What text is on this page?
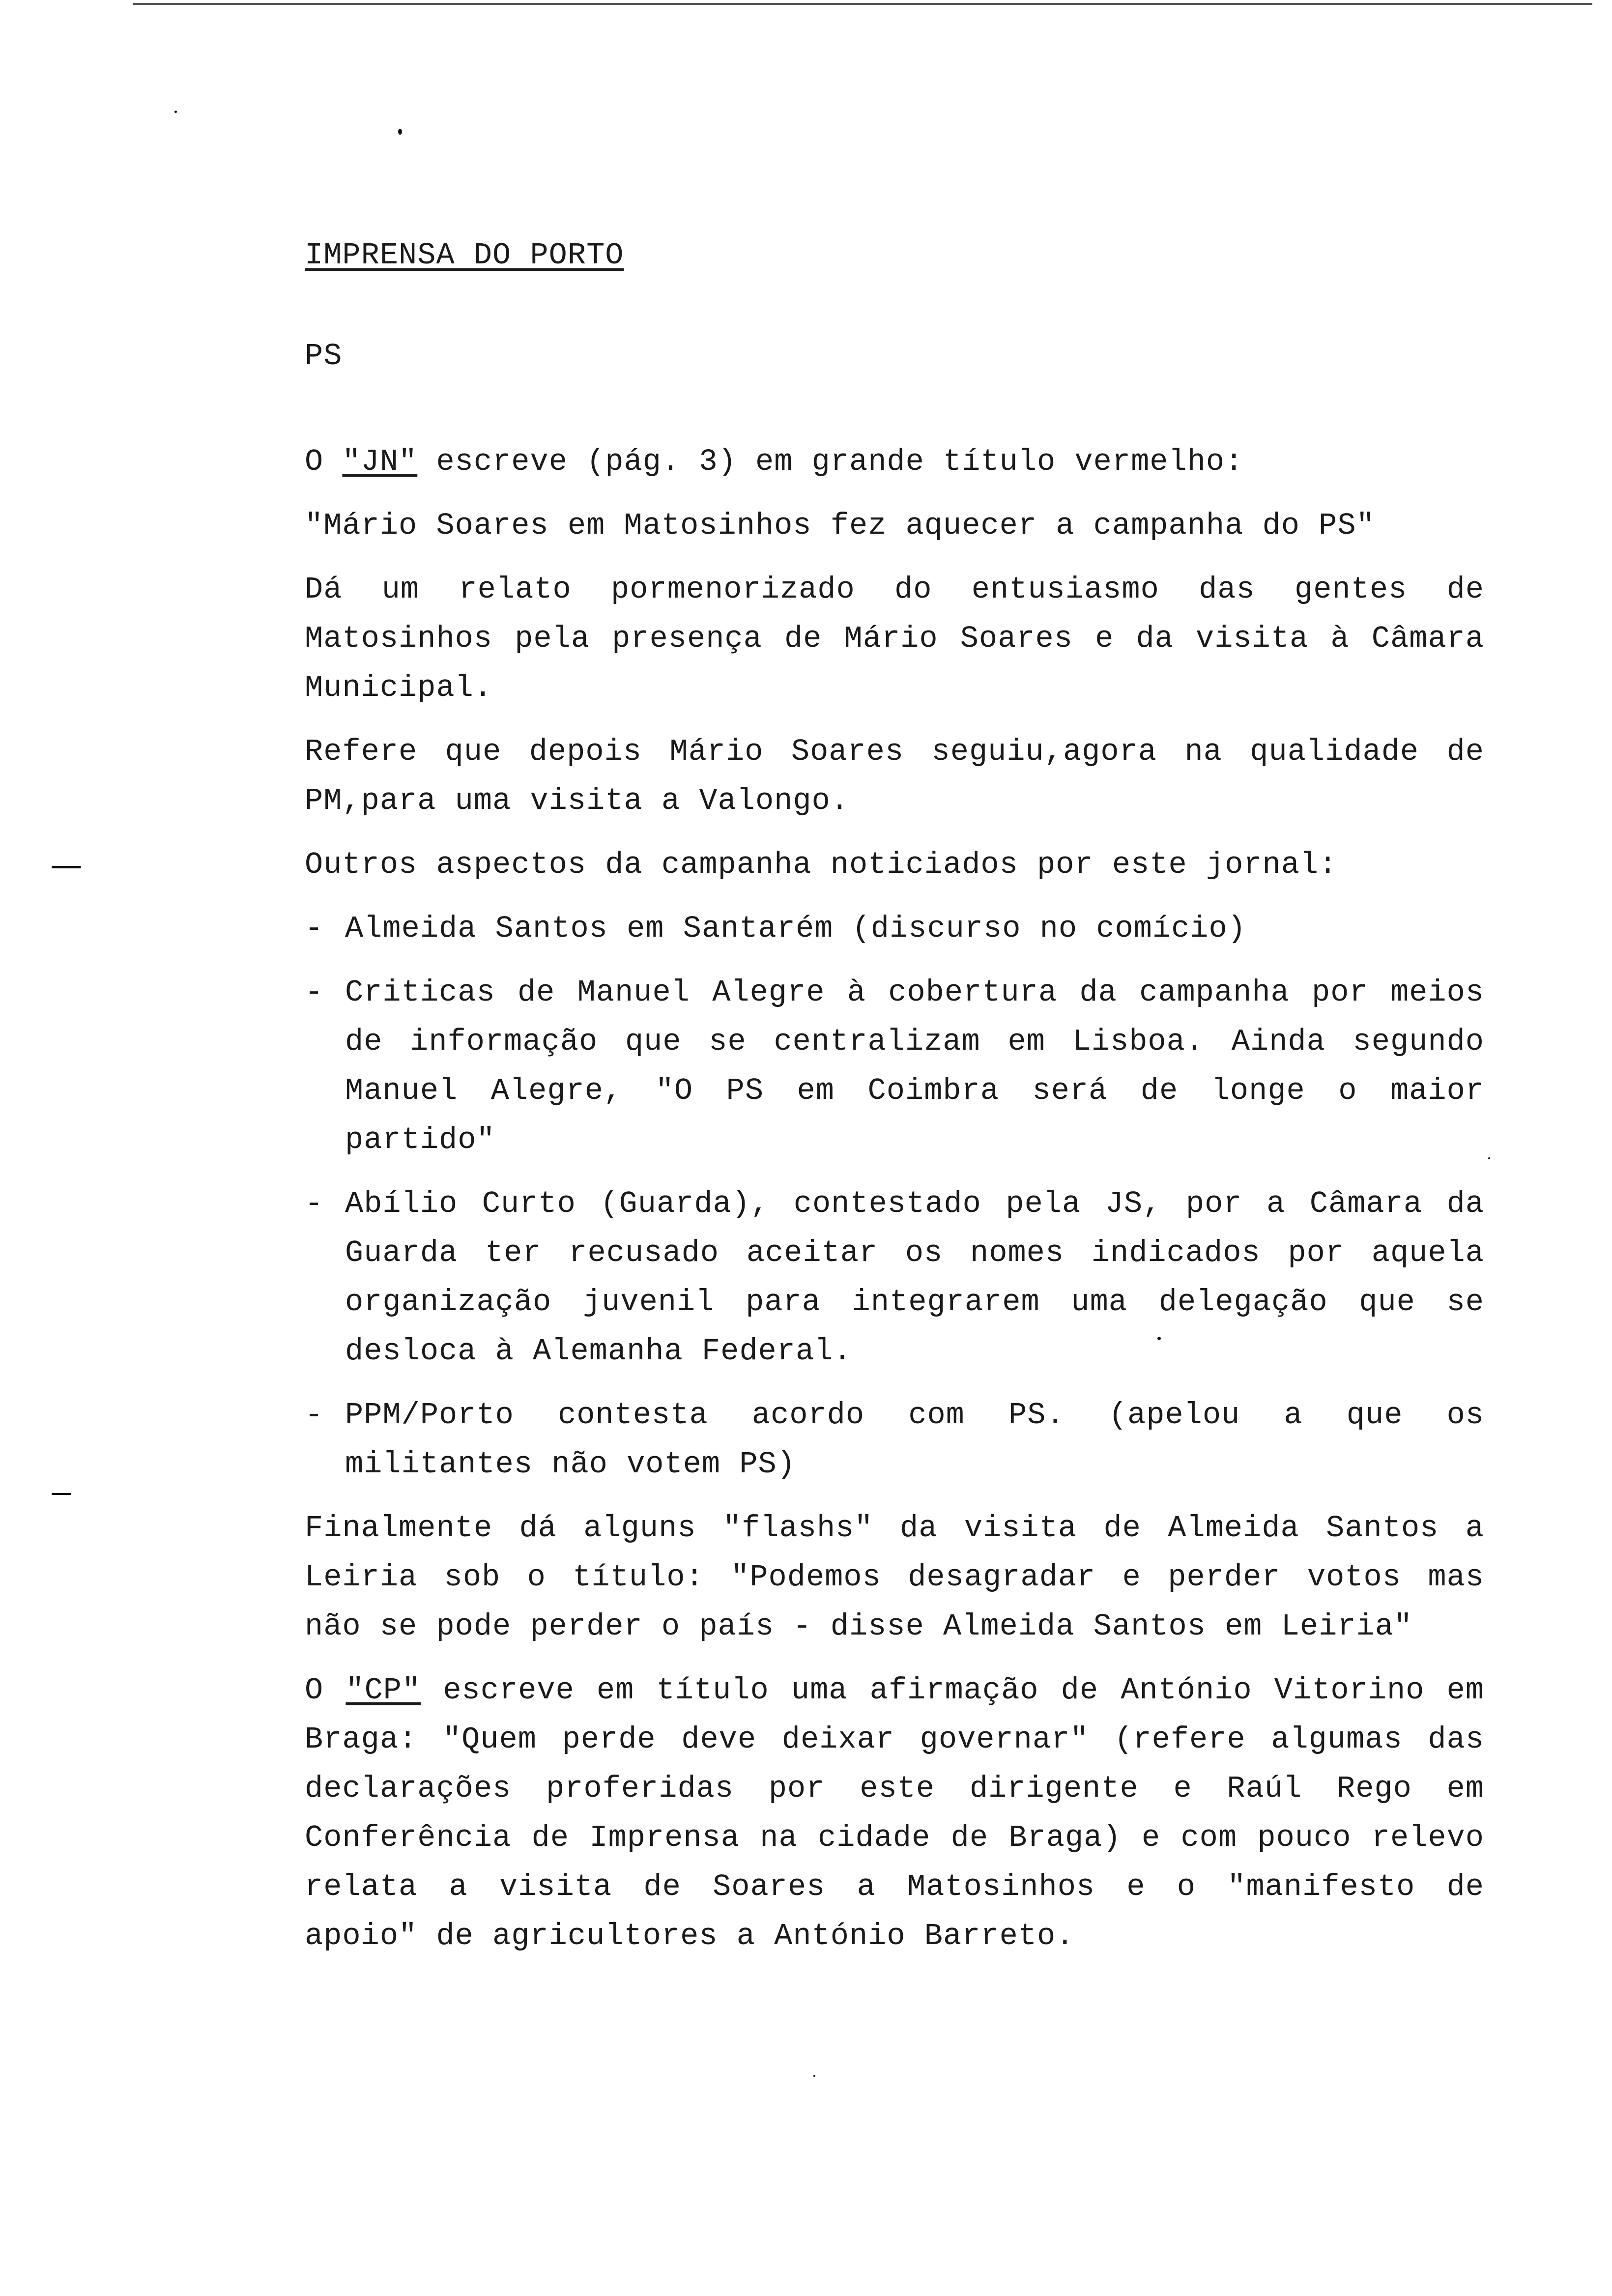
IMPRENSA DO PORTO
PS
O "JN" escreve (pág. 3) em grande título vermelho:
"Mário Soares em Matosinhos fez aquecer a campanha do PS"
Dá um relato pormenorizado do entusiasmo das gentes de Matosinhos pela presença de Mário Soares e da visita à Câmara Municipal.
Refere que depois Mário Soares seguiu,agora na qualidade de PM,para uma visita a Valongo.
Outros aspectos da campanha noticiados por este jornal:
- Almeida Santos em Santarém (discurso no comício)
- Criticas de Manuel Alegre à cobertura da campanha por meios de informação que se centralizam em Lisboa. Ainda segundo Manuel Alegre, "O PS em Coimbra será de longe o maior partido"
- Abílio Curto (Guarda), contestado pela JS, por a Câmara da Guarda ter recusado aceitar os nomes indicados por aquela organização juvenil para integrarem uma delegação que se desloca à Alemanha Federal.
- PPM/Porto contesta acordo com PS. (apelou a que os militantes não votem PS)
Finalmente dá alguns "flashs" da visita de Almeida Santos a Leiria sob o título: "Podemos desagradar e perder votos mas não se pode perder o país - disse Almeida Santos em Leiria"
O "CP" escreve em título uma afirmação de António Vitorino em Braga: "Quem perde deve deixar governar" (refere algumas das declarações proferidas por este dirigente e Raúl Rego em Conferência de Imprensa na cidade de Braga) e com pouco relevo relata a visita de Soares a Matosinhos e o "manifesto de apoio" de agricultores a António Barreto.
